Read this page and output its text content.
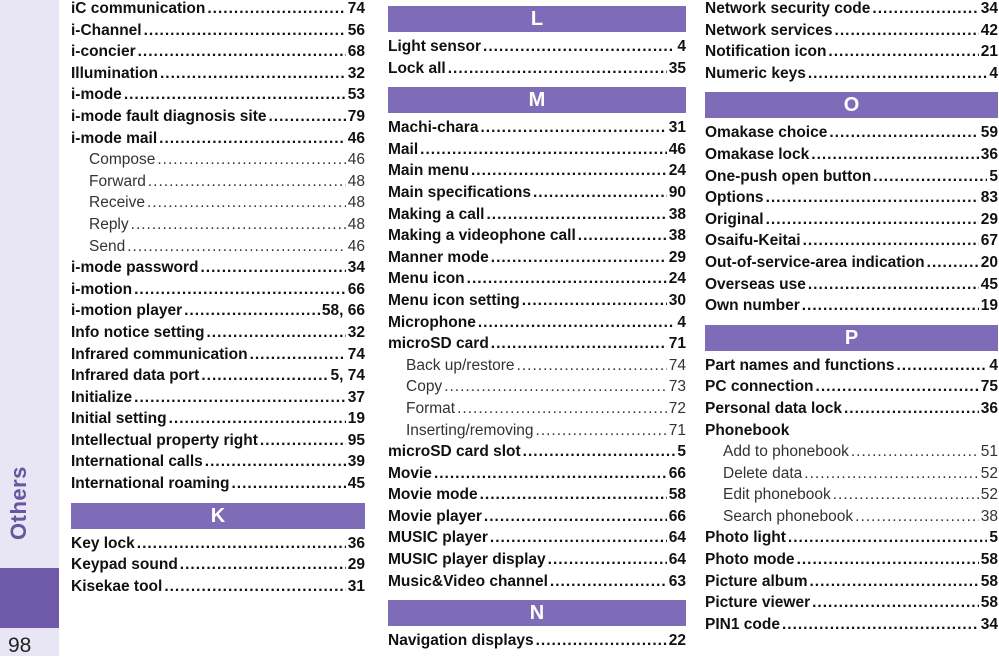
Others
98
iC communication .....	74
i-Channel .....	56
i-concier .....	68
Illumination .....	32
i-mode .....	53
i-mode fault diagnosis site .....	79
i-mode mail .....	46
Compose .....	46
Forward .....	48
Receive .....	48
Reply .....	48
Send .....	46
i-mode password .....	34
i-motion .....	66
i-motion player .....	58, 66
Info notice setting .....	32
Infrared communication .....	74
Infrared data port .....	5, 74
Initialize .....	37
Initial setting .....	19
Intellectual property right .....	95
International calls .....	39
International roaming .....	45
K
Key lock .....	36
Keypad sound .....	29
Kisekae tool .....	31
L
Light sensor .....	4
Lock all .....	35
M
Machi-chara .....	31
Mail .....	46
Main menu .....	24
Main specifications .....	90
Making a call .....	38
Making a videophone call .....	38
Manner mode .....	29
Menu icon .....	24
Menu icon setting .....	30
Microphone .....	4
microSD card .....	71
Back up/restore .....	74
Copy .....	73
Format .....	72
Inserting/removing .....	71
microSD card slot .....	5
Movie .....	66
Movie mode .....	58
Movie player .....	66
MUSIC player .....	64
MUSIC player display .....	64
Music&Video channel .....	63
N
Navigation displays .....	22
Network security code .....	34
Network services .....	42
Notification icon .....	21
Numeric keys .....	4
O
Omakase choice .....	59
Omakase lock .....	36
One-push open button .....	5
Options .....	83
Original .....	29
Osaifu-Keitai .....	67
Out-of-service-area indication .....	20
Overseas use .....	45
Own number .....	19
P
Part names and functions .....	4
PC connection .....	75
Personal data lock .....	36
Phonebook
Add to phonebook .....	51
Delete data .....	52
Edit phonebook .....	52
Search phonebook .....	38
Photo light .....	5
Photo mode .....	58
Picture album .....	58
Picture viewer .....	58
PIN1 code .....	34
